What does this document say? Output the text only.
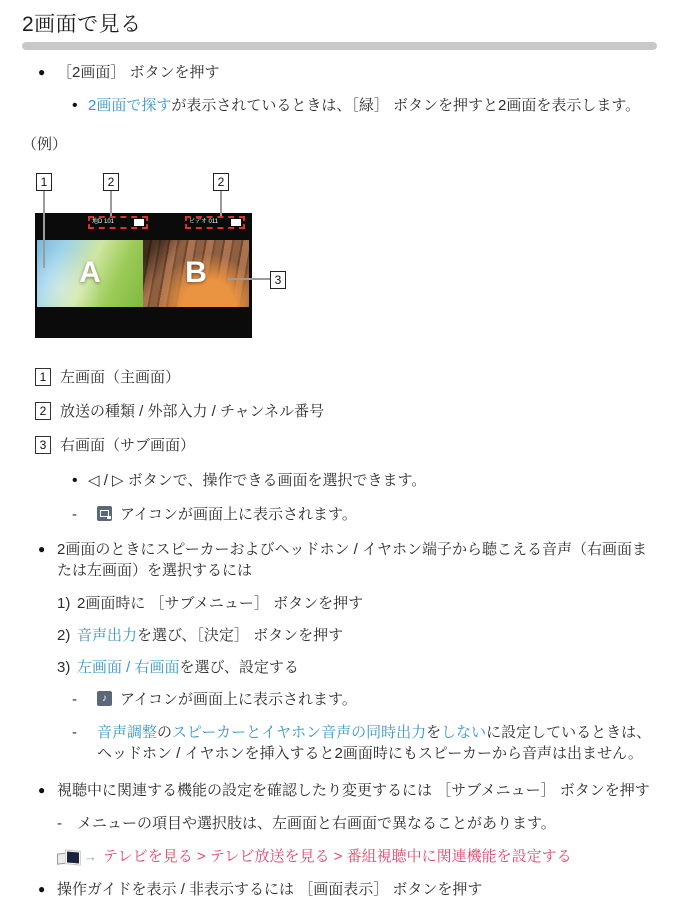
2画面で見る
● ［2画面］ ボタンを押す
• 2画面で探すが表示されているときは、［緑］ ボタンを押すと2画面を表示します。
（例）
1	2	2
地D 101	ビデオ 011
A	B	3
1 左画面（主画面）
2 放送の種類 / 外部入力 / チャンネル番号
3 右画面（サブ画面）
• ◁ / ▷ ボタンで、操作できる画面を選択できます。
- アイコンが画面上に表示されます。
● 2画面のときにスピーカーおよびヘッドホン / イヤホン端子から聴こえる音声（右画面または左画面）を選択するには
1) 2画面時に ［サブメニュー］ ボタンを押す
2) 音声出力を選び、［決定］ ボタンを押す
3) 左画面 / 右画面を選び、設定する
- ♪ アイコンが画面上に表示されます。
- 音声調整のスピーカーとイヤホン音声の同時出力をしないに設定しているときは、ヘッドホン / イヤホンを挿入すると2画面時にもスピーカーから音声は出ません。
● 視聴中に関連する機能の設定を確認したり変更するには ［サブメニュー］ ボタンを押す
- メニューの項目や選択肢は、左画面と右画面で異なることがあります。
→ テレビを見る > テレビ放送を見る > 番組視聴中に関連機能を設定する
● 操作ガイドを表示 / 非表示するには ［画面表示］ ボタンを押す
